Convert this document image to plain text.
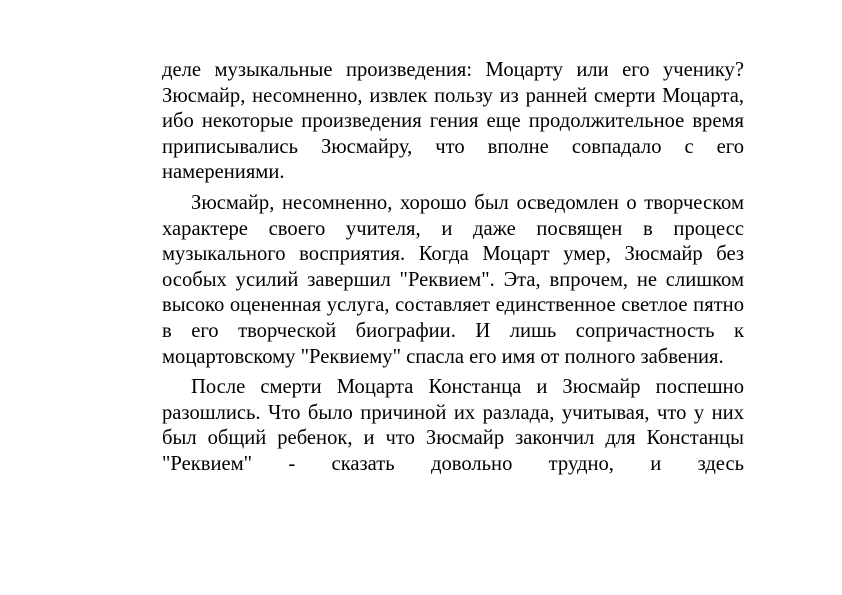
деле музыкальные произведения: Моцарту или его ученику? Зюсмайр, несомненно, извлек пользу из ранней смерти Моцарта, ибо некоторые произведения гения еще продолжительное время приписывались Зюсмайру, что вполне совпадало с его намерениями.

Зюсмайр, несомненно, хорошо был осведомлен о творческом характере своего учителя, и даже посвящен в процесс музыкального восприятия. Когда Моцарт умер, Зюсмайр без особых усилий завершил "Реквием". Эта, впрочем, не слишком высоко оцененная услуга, составляет единственное светлое пятно в его творческой биографии. И лишь сопричастность к моцартовскому "Реквиему" спасла его имя от полного забвения.

После смерти Моцарта Констанца и Зюсмайр поспешно разошлись. Что было причиной их разлада, учитывая, что у них был общий ребенок, и что Зюсмайр закончил для Констанцы "Реквием" - сказать довольно трудно, и здесь
